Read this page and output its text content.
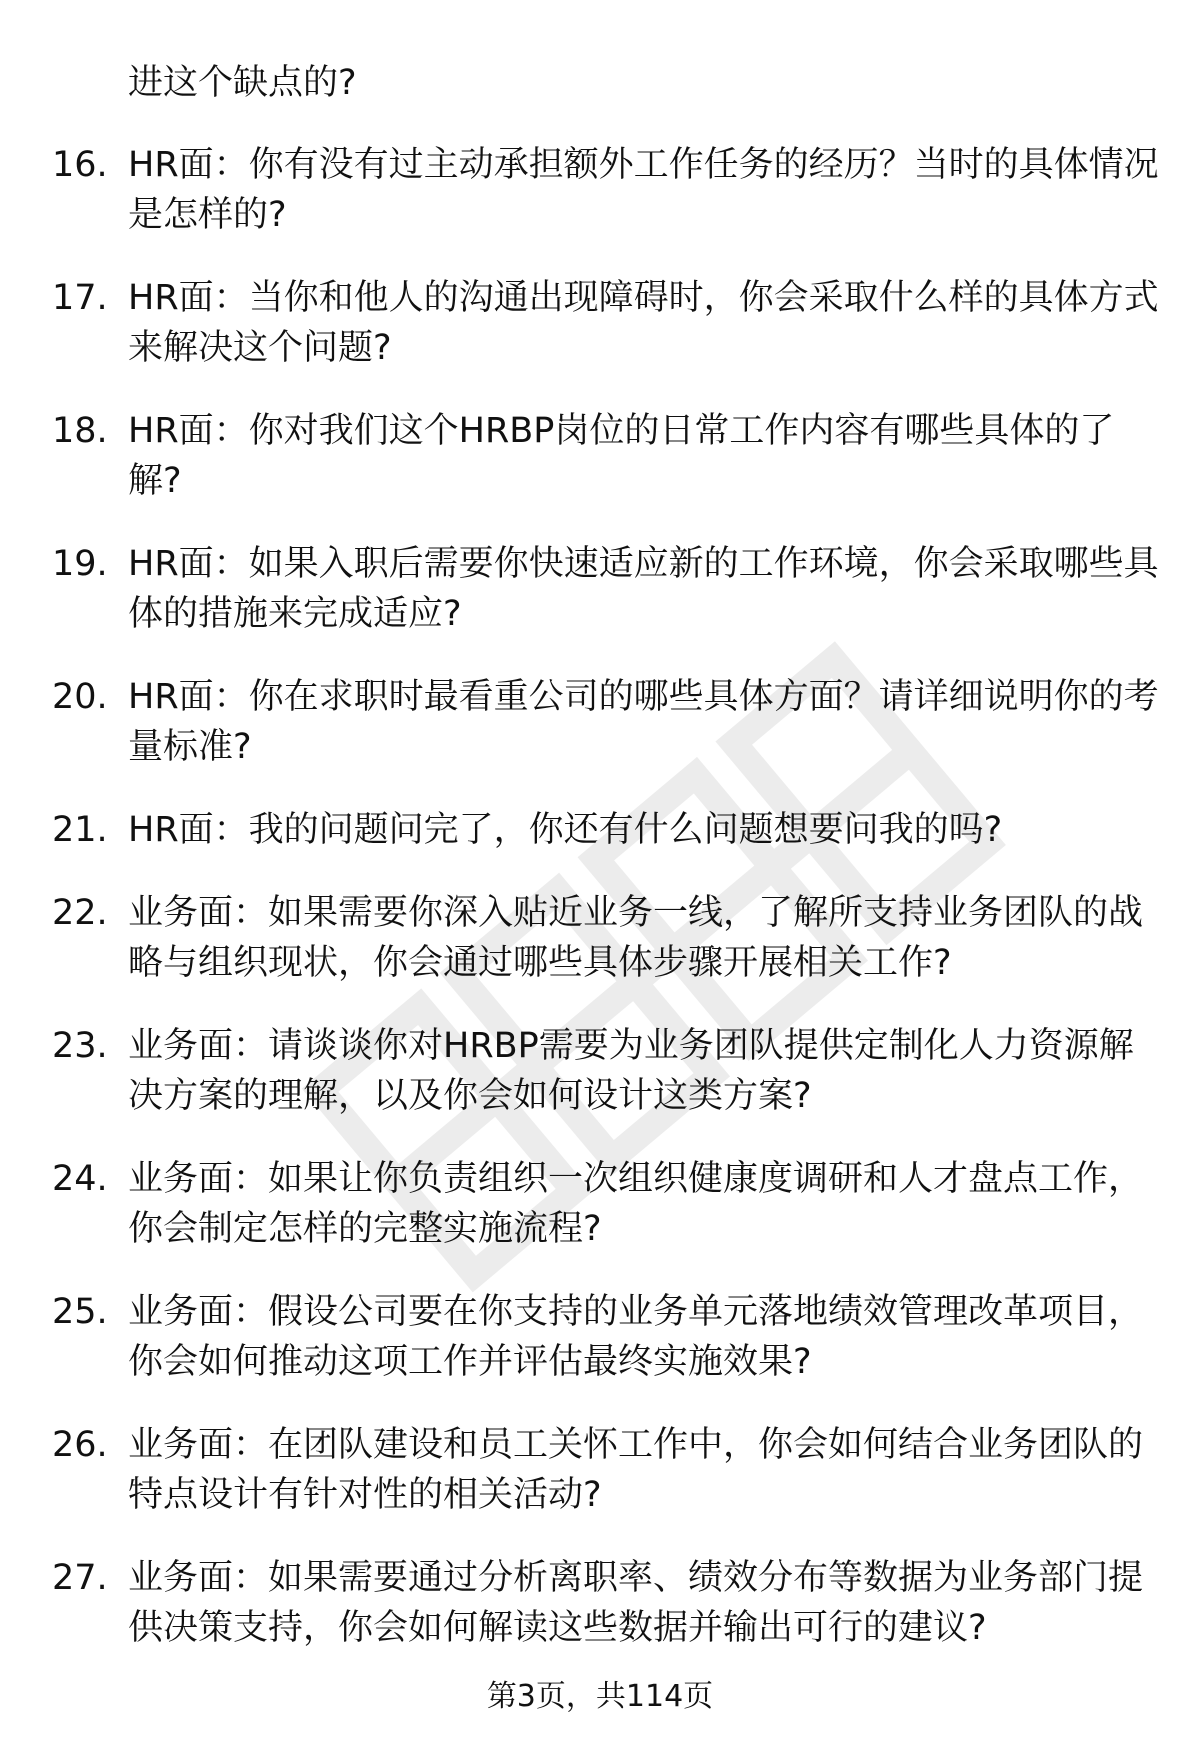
进这个缺点的?

16. HR面：你有没有过主动承担额外工作任务的经历？当时的具体情况是怎样的?
17. HR面：当你和他人的沟通出现障碍时，你会采取什么样的具体方式来解决这个问题?
18. HR面：你对我们这个HRBP岗位的日常工作内容有哪些具体的了解?
19. HR面：如果入职后需要你快速适应新的工作环境，你会采取哪些具体的措施来完成适应?
20. HR面：你在求职时最看重公司的哪些具体方面？请详细说明你的考量标准?
21. HR面：我的问题问完了，你还有什么问题想要问我的吗?
22. 业务面：如果需要你深入贴近业务一线，了解所支持业务团队的战略与组织现状，你会通过哪些具体步骤开展相关工作?
23. 业务面：请谈谈你对HRBP需要为业务团队提供定制化人力资源解决方案的理解，以及你会如何设计这类方案?
24. 业务面：如果让你负责组织一次组织健康度调研和人才盘点工作，你会制定怎样的完整实施流程?
25. 业务面：假设公司要在你支持的业务单元落地绩效管理改革项目，你会如何推动这项工作并评估最终实施效果?
26. 业务面：在团队建设和员工关怀工作中，你会如何结合业务团队的特点设计有针对性的相关活动?
27. 业务面：如果需要通过分析离职率、绩效分布等数据为业务部门提供决策支持，你会如何解读这些数据并输出可行的建议?
第3页，共114页
